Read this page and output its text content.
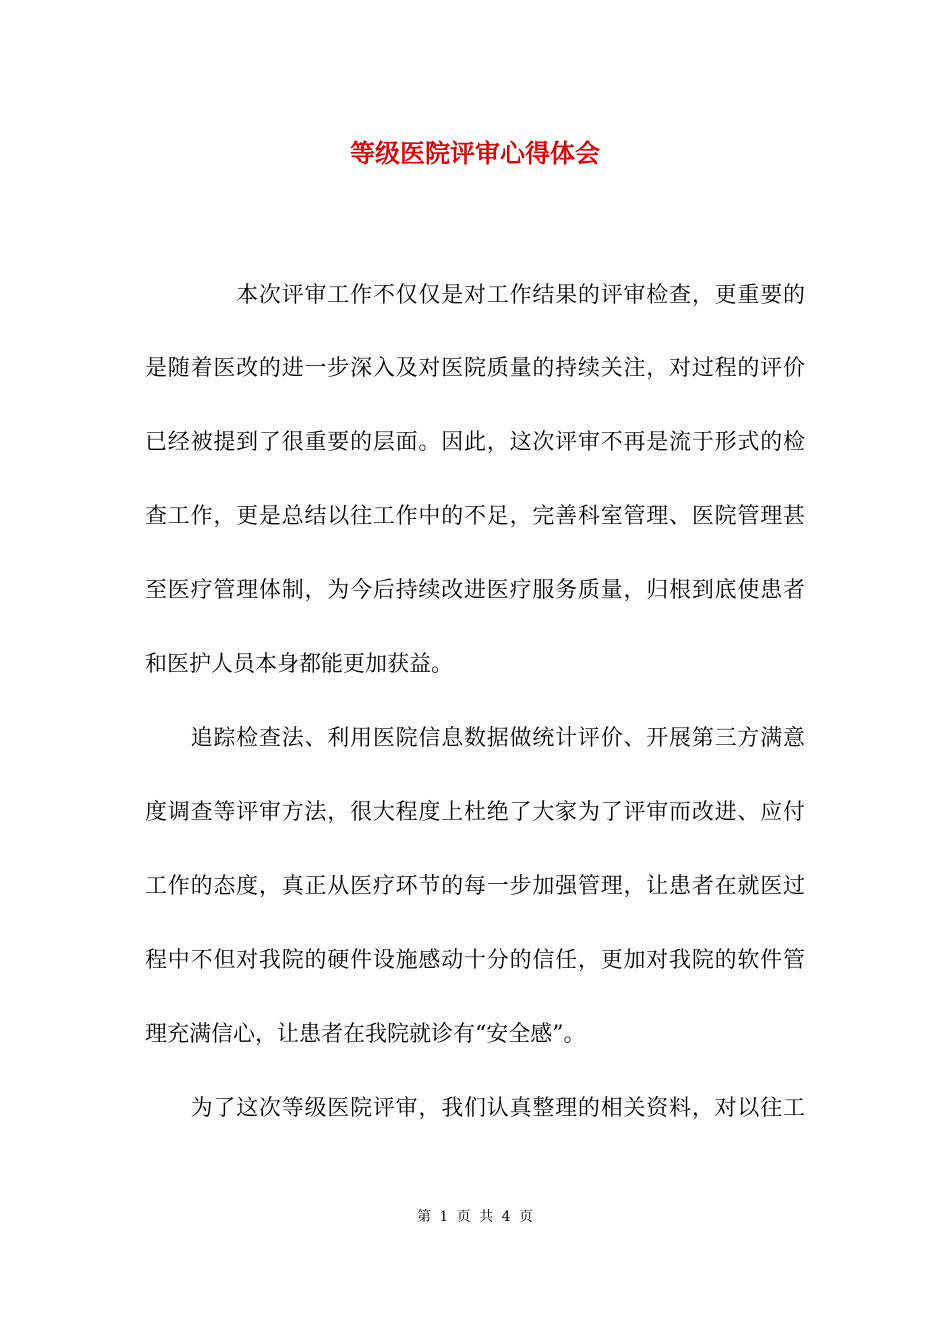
等级医院评审心得体会
　　　　本次评审工作不仅仅是对工作结果的评审检查，更重要的
是随着医改的进一步深入及对医院质量的持续关注，对过程的评价
已经被提到了很重要的层面。因此，这次评审不再是流于形式的检
查工作，更是总结以往工作中的不足，完善科室管理、医院管理甚
至医疗管理体制，为今后持续改进医疗服务质量，归根到底使患者
和医护人员本身都能更加获益。
　　追踪检查法、利用医院信息数据做统计评价、开展第三方满意
度调查等评审方法，很大程度上杜绝了大家为了评审而改进、应付
工作的态度，真正从医疗环节的每一步加强管理，让患者在就医过
程中不但对我院的硬件设施感动十分的信任，更加对我院的软件管
理充满信心，让患者在我院就诊有“安全感”。
　　为了这次等级医院评审，我们认真整理的相关资料，对以往工
第 1 页 共 4 页
